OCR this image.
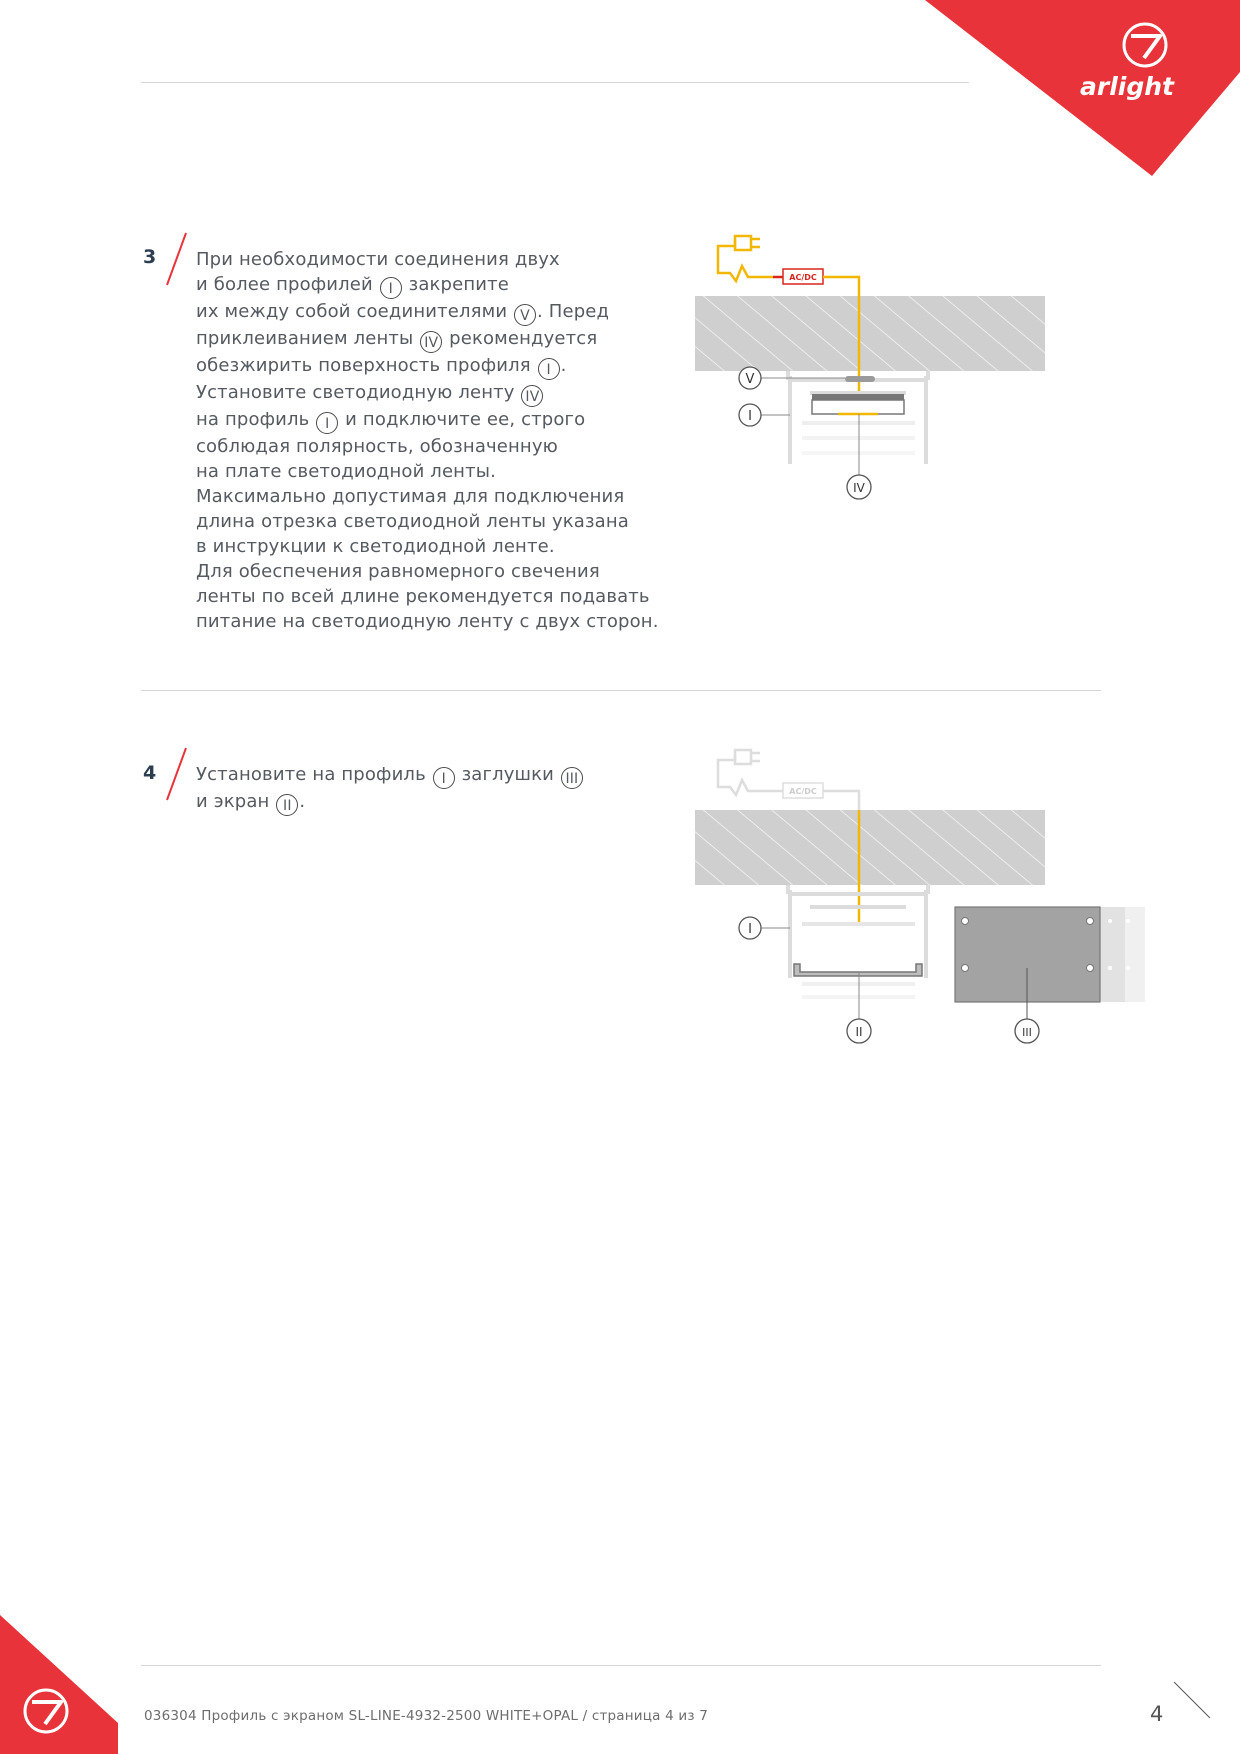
arlight
3 При необходимости соединения двух

и более профилей I закрепите

их между собой соединителями V . Перед

приклеиванием ленты IV рекомендуется

обезжирить поверхность профиля I .

Установите светодиодную ленту IV

на профиль I и подключите ее, строго

соблюдая полярность, обозначенную

на плате светодиодной ленты.

Максимально допустимая для подключения

длина отрезка светодиодной ленты указана

в инструкции к светодиодной ленте.

Для обеспечения равномерного свечения

ленты по всей длине рекомендуется подавать

питание на светодиодную ленту с двух сторон.

AC/DC
V
I
IV
4 Установите на профиль I заглушки III

и экран II .	AC/DC
I
II	III
036304 Профиль с экраном SL-LINE-4932-2500 WHITE+OPAL / страница 4 из 7	4
